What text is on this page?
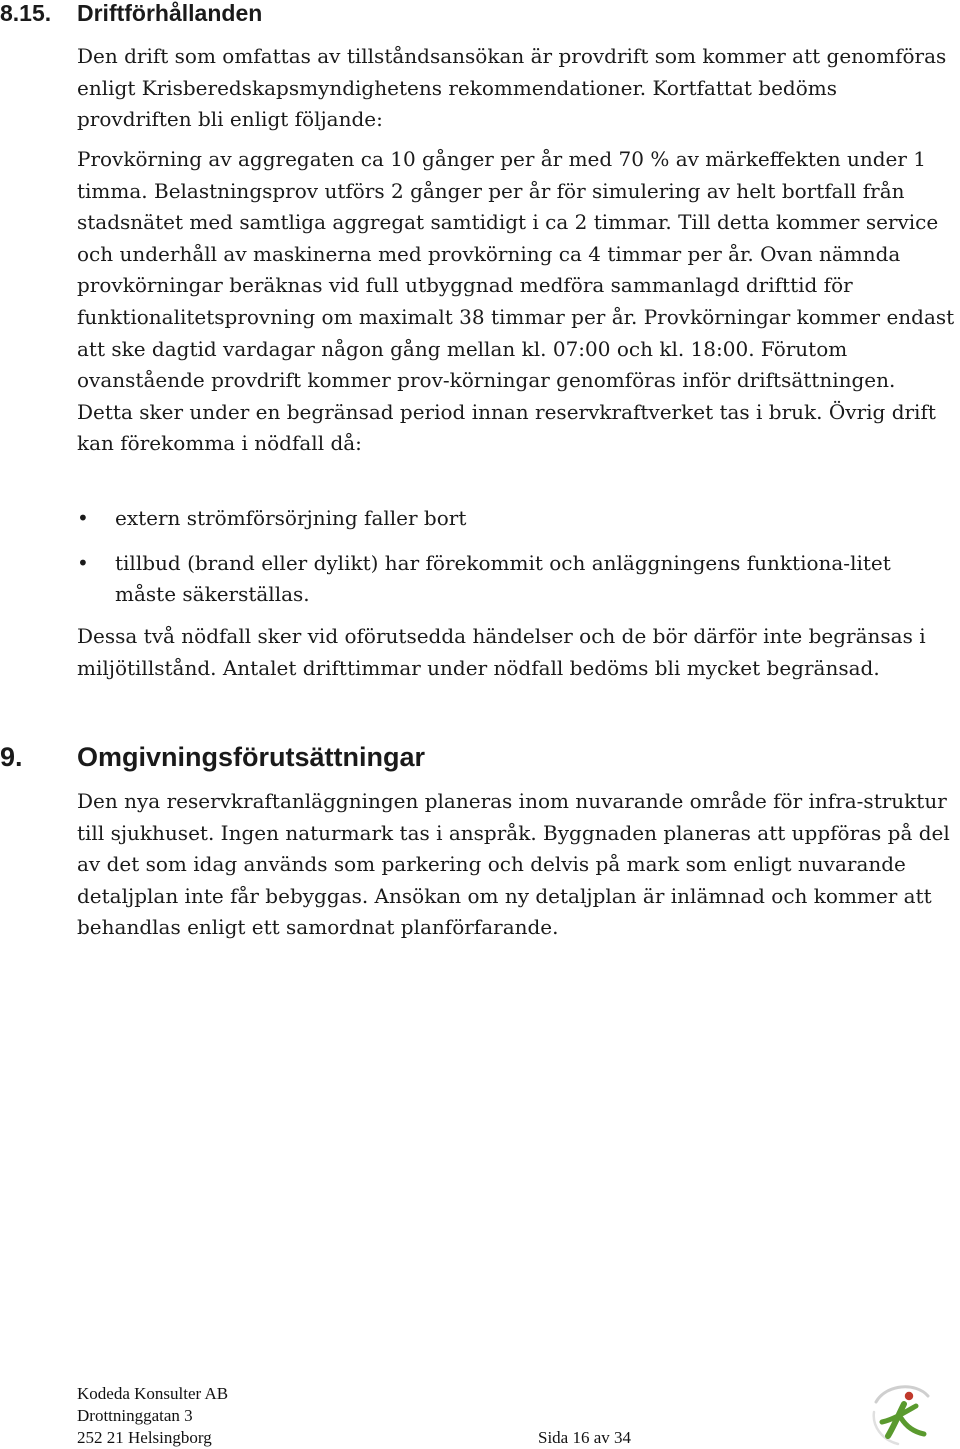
8.15. Driftförhållanden

Den drift som omfattas av tillståndsansökan är provdrift som kommer att genomföras enligt Krisberedskapsmyndighetens rekommendationer. Kortfattat bedöms provdriften bli enligt följande:

Provkörning av aggregaten ca 10 gånger per år med 70 % av märkeffekten under 1 timma. Belastningsprov utförs 2 gånger per år för simulering av helt bortfall från stadsnätet med samtliga aggregat samtidigt i ca 2 timmar. Till detta kommer service och underhåll av maskinerna med provkörning ca 4 timmar per år. Ovan nämnda provkörningar beräknas vid full utbyggnad medföra sammanlagd drifttid för funktionalitetsprovning om maximalt 38 timmar per år. Provkörningar kommer endast att ske dagtid vardagar någon gång mellan kl. 07:00 och kl. 18:00. Förutom ovanstående provdrift kommer prov-körningar genomföras inför driftsättningen. Detta sker under en begränsad period innan reservkraftverket tas i bruk. Övrig drift kan förekomma i nödfall då:

• extern strömförsörjning faller bort
• tillbud (brand eller dylikt) har förekommit och anläggningens funktiona-litet måste säkerställas.

Dessa två nödfall sker vid oförutsedda händelser och de bör därför inte begränsas i miljötillstånd. Antalet drifttimmar under nödfall bedöms bli mycket begränsad.

9. Omgivningsförutsättningar

Den nya reservkraftanläggningen planeras inom nuvarande område för infra-struktur till sjukhuset. Ingen naturmark tas i anspråk. Byggnaden planeras att uppföras på del av det som idag används som parkering och delvis på mark som enligt nuvarande detaljplan inte får bebyggas. Ansökan om ny detaljplan är inlämnad och kommer att behandlas enligt ett samordnat planförfarande.

Kodeda Konsulter AB
Drottninggatan 3
252 21 Helsingborg	Sida 16 av 34
